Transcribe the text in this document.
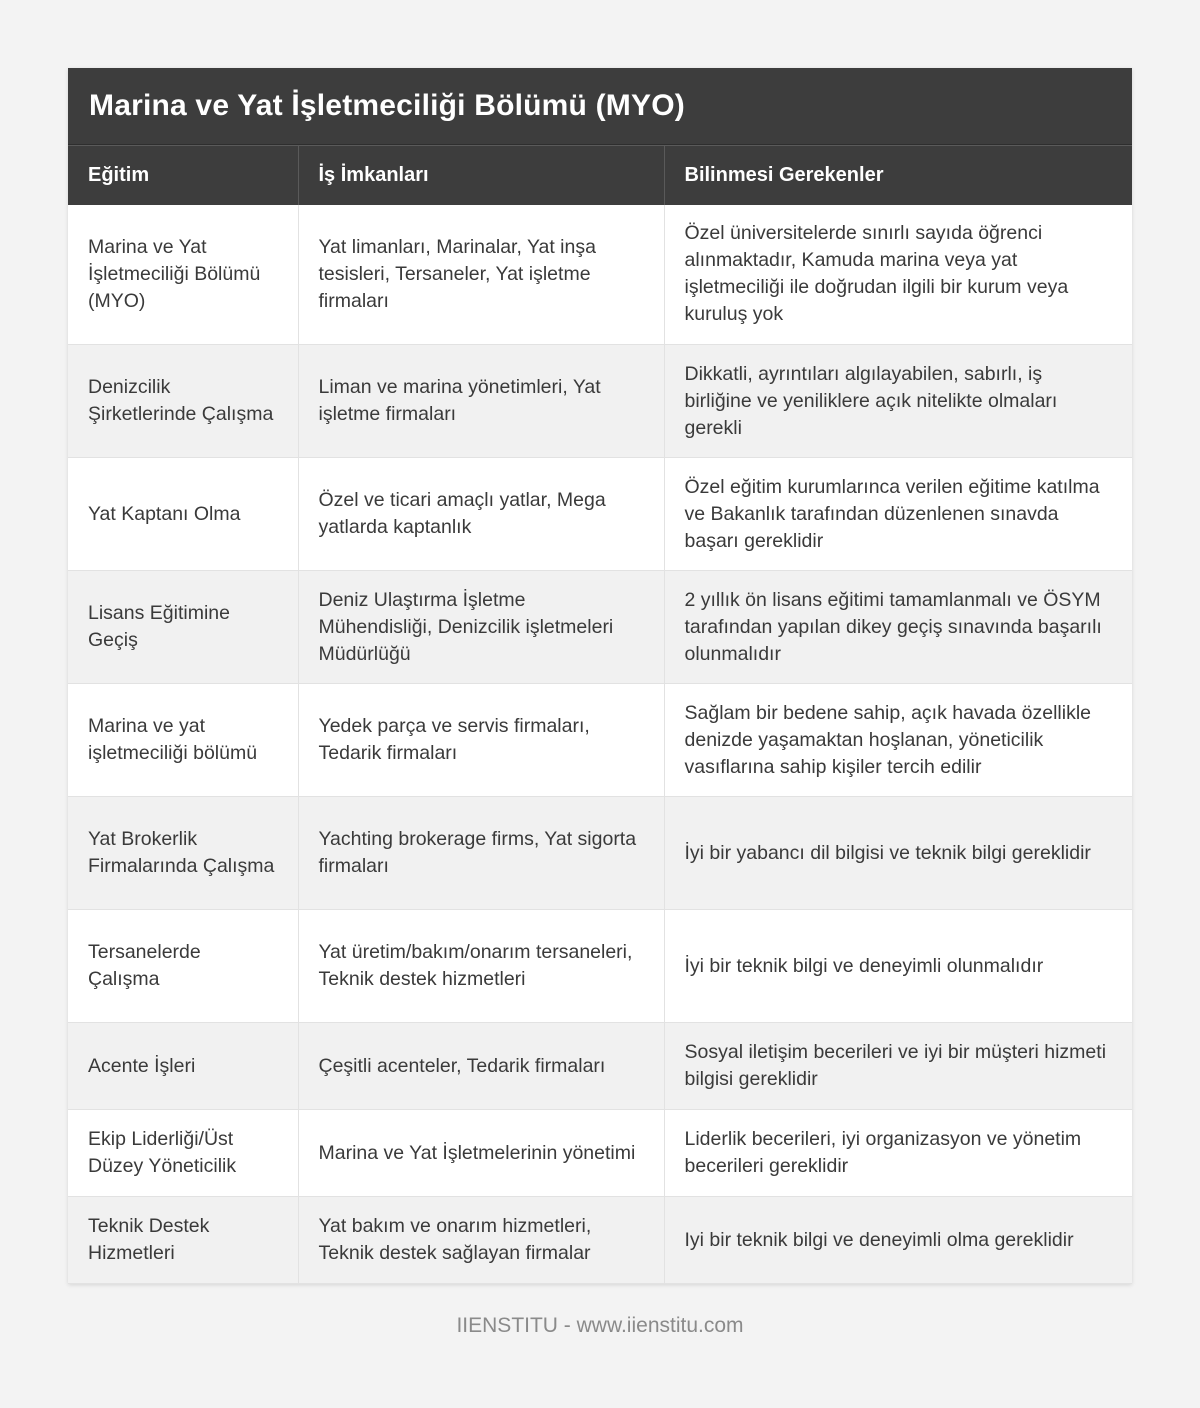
Marina ve Yat İşletmeciliği Bölümü (MYO)
Eğitim	İş İmkanları	Bilinmesi Gerekenler
Marina ve Yat İşletmeciliği Bölümü (MYO)	Yat limanları, Marinalar, Yat inşa tesisleri, Tersaneler, Yat işletme firmaları	Özel üniversitelerde sınırlı sayıda öğrenci alınmaktadır, Kamuda marina veya yat işletmeciliği ile doğrudan ilgili bir kurum veya kuruluş yok
Denizcilik Şirketlerinde Çalışma	Liman ve marina yönetimleri, Yat işletme firmaları	Dikkatli, ayrıntıları algılayabilen, sabırlı, iş birliğine ve yeniliklere açık nitelikte olmaları gerekli
Yat Kaptanı Olma	Özel ve ticari amaçlı yatlar, Mega yatlarda kaptanlık	Özel eğitim kurumlarınca verilen eğitime katılma ve Bakanlık tarafından düzenlenen sınavda başarı gereklidir
Lisans Eğitimine Geçiş	Deniz Ulaştırma İşletme Mühendisliği, Denizcilik işletmeleri Müdürlüğü	2 yıllık ön lisans eğitimi tamamlanmalı ve ÖSYM tarafından yapılan dikey geçiş sınavında başarılı olunmalıdır
Marina ve yat işletmeciliği bölümü	Yedek parça ve servis firmaları, Tedarik firmaları	Sağlam bir bedene sahip, açık havada özellikle denizde yaşamaktan hoşlanan, yöneticilik vasıflarına sahip kişiler tercih edilir
Yat Brokerlik Firmalarında Çalışma	Yachting brokerage firms, Yat sigorta firmaları	İyi bir yabancı dil bilgisi ve teknik bilgi gereklidir
Tersanelerde Çalışma	Yat üretim/bakım/onarım tersaneleri, Teknik destek hizmetleri	İyi bir teknik bilgi ve deneyimli olunmalıdır
Acente İşleri	Çeşitli acenteler, Tedarik firmaları	Sosyal iletişim becerileri ve iyi bir müşteri hizmeti bilgisi gereklidir
Ekip Liderliği/Üst Düzey Yöneticilik	Marina ve Yat İşletmelerinin yönetimi	Liderlik becerileri, iyi organizasyon ve yönetim becerileri gereklidir
Teknik Destek Hizmetleri	Yat bakım ve onarım hizmetleri, Teknik destek sağlayan firmalar	Iyi bir teknik bilgi ve deneyimli olma gereklidir
IIENSTITU - www.iienstitu.com
